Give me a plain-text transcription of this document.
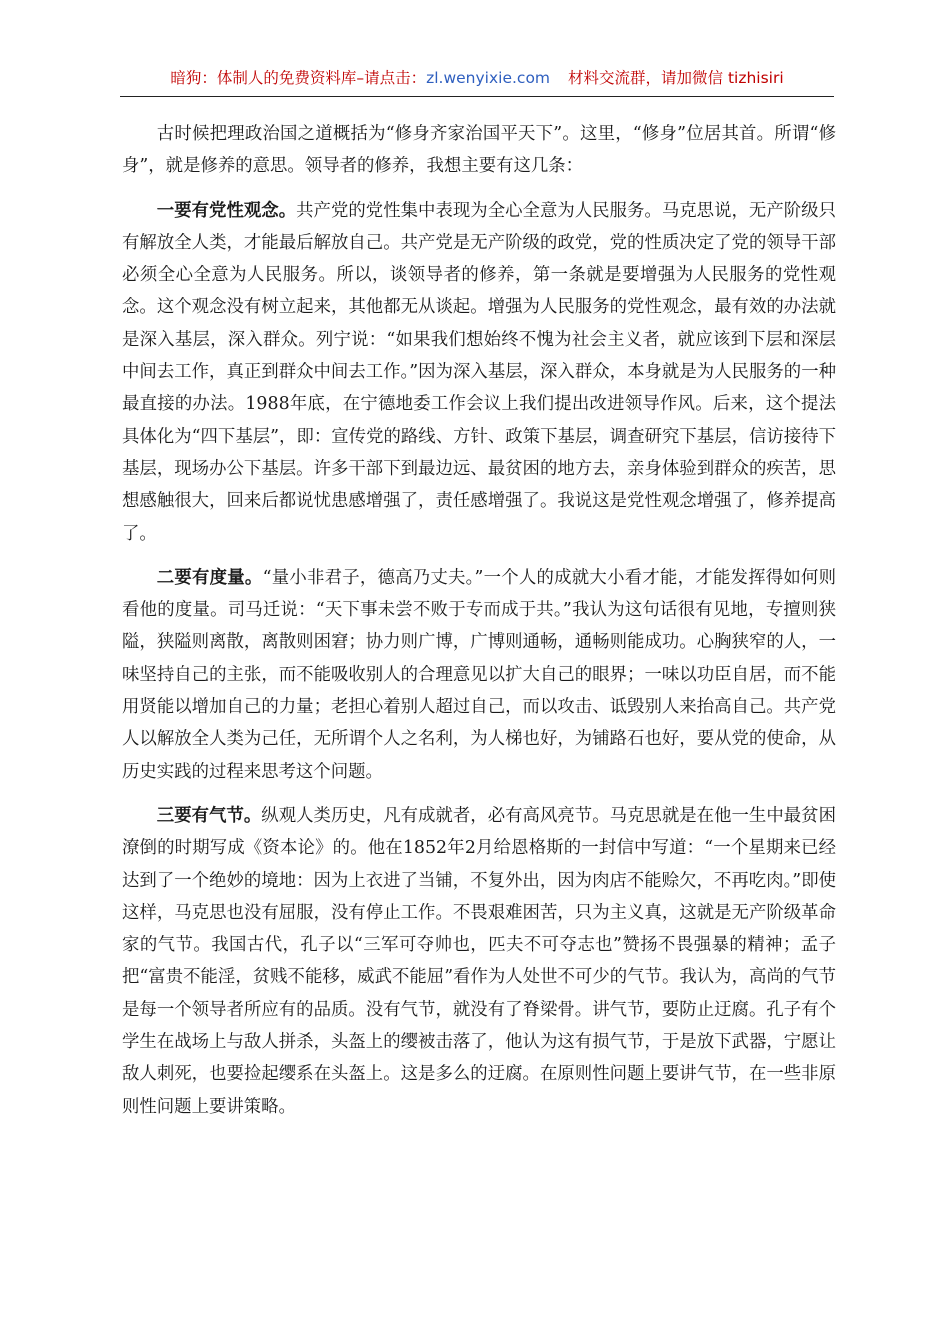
暗狗：体制人的免费资料库–请点击：zl.wenyixie.com 材料交流群，请加微信 tizhisiri

古时候把理政治国之道概括为“修身齐家治国平天下”。这里，“修身”位居其首。所谓“修身”，就是修养的意思。领导者的修养，我想主要有这几条：

一要有党性观念。共产党的党性集中表现为全心全意为人民服务。马克思说，无产阶级只有解放全人类，才能最后解放自己。共产党是无产阶级的政党，党的性质决定了党的领导干部必须全心全意为人民服务。所以，谈领导者的修养，第一条就是要增强为人民服务的党性观念。这个观念没有树立起来，其他都无从谈起。增强为人民服务的党性观念，最有效的办法就是深入基层，深入群众。列宁说：“如果我们想始终不愧为社会主义者，就应该到下层和深层中间去工作，真正到群众中间去工作。”因为深入基层，深入群众，本身就是为人民服务的一种最直接的办法。1988年底，在宁德地委工作会议上我们提出改进领导作风。后来，这个提法具体化为“四下基层”，即：宣传党的路线、方针、政策下基层，调查研究下基层，信访接待下基层，现场办公下基层。许多干部下到最边远、最贫困的地方去，亲身体验到群众的疾苦，思想感触很大，回来后都说忧患感增强了，责任感增强了。我说这是党性观念增强了，修养提高了。

二要有度量。“量小非君子，德高乃丈夫。”一个人的成就大小看才能，才能发挥得如何则看他的度量。司马迁说：“天下事未尝不败于专而成于共。”我认为这句话很有见地，专擅则狭隘，狭隘则离散，离散则困窘；协力则广博，广博则通畅，通畅则能成功。心胸狭窄的人，一味坚持自己的主张，而不能吸收别人的合理意见以扩大自己的眼界；一味以功臣自居，而不能用贤能以增加自己的力量；老担心着别人超过自己，而以攻击、诋毁别人来抬高自己。共产党人以解放全人类为己任，无所谓个人之名利，为人梯也好，为铺路石也好，要从党的使命，从历史实践的过程来思考这个问题。

三要有气节。纵观人类历史，凡有成就者，必有高风亮节。马克思就是在他一生中最贫困潦倒的时期写成《资本论》的。他在1852年2月给恩格斯的一封信中写道：“一个星期来已经达到了一个绝妙的境地：因为上衣进了当铺，不复外出，因为肉店不能赊欠，不再吃肉。”即使这样，马克思也没有屈服，没有停止工作。不畏艰难困苦，只为主义真，这就是无产阶级革命家的气节。我国古代，孔子以“三军可夺帅也，匹夫不可夺志也”赞扬不畏强暴的精神；孟子把“富贵不能淫，贫贱不能移，威武不能屈”看作为人处世不可少的气节。我认为，高尚的气节是每一个领导者所应有的品质。没有气节，就没有了脊梁骨。讲气节，要防止迂腐。孔子有个学生在战场上与敌人拼杀，头盔上的缨被击落了，他认为这有损气节，于是放下武器，宁愿让敌人刺死，也要捡起缨系在头盔上。这是多么的迂腐。在原则性问题上要讲气节，在一些非原则性问题上要讲策略。
